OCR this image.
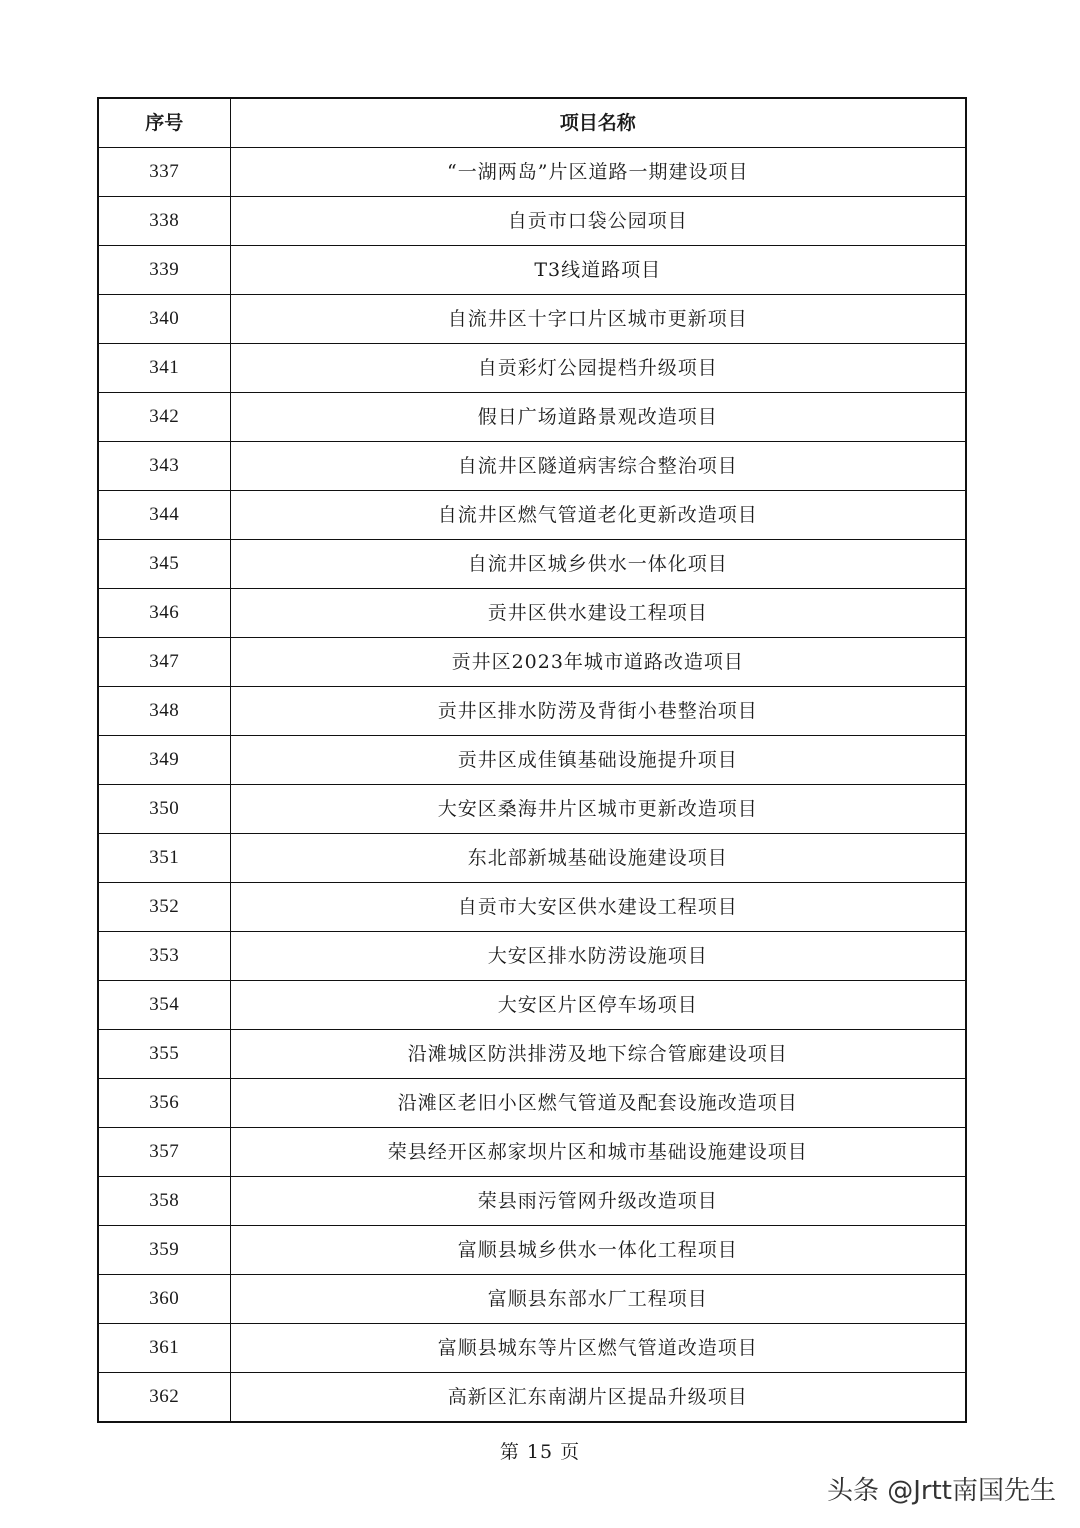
序号	项目名称
337	“一湖两岛”片区道路一期建设项目
338	自贡市口袋公园项目
339	T3线道路项目
340	自流井区十字口片区城市更新项目
341	自贡彩灯公园提档升级项目
342	假日广场道路景观改造项目
343	自流井区隧道病害综合整治项目
344	自流井区燃气管道老化更新改造项目
345	自流井区城乡供水一体化项目
346	贡井区供水建设工程项目
347	贡井区2023年城市道路改造项目
348	贡井区排水防涝及背街小巷整治项目
349	贡井区成佳镇基础设施提升项目
350	大安区桑海井片区城市更新改造项目
351	东北部新城基础设施建设项目
352	自贡市大安区供水建设工程项目
353	大安区排水防涝设施项目
354	大安区片区停车场项目
355	沿滩城区防洪排涝及地下综合管廊建设项目
356	沿滩区老旧小区燃气管道及配套设施改造项目
357	荣县经开区郝家坝片区和城市基础设施建设项目
358	荣县雨污管网升级改造项目
359	富顺县城乡供水一体化工程项目
360	富顺县东部水厂工程项目
361	富顺县城东等片区燃气管道改造项目
362	高新区汇东南湖片区提品升级项目
第 15 页
头条 @Jrtt南国先生
